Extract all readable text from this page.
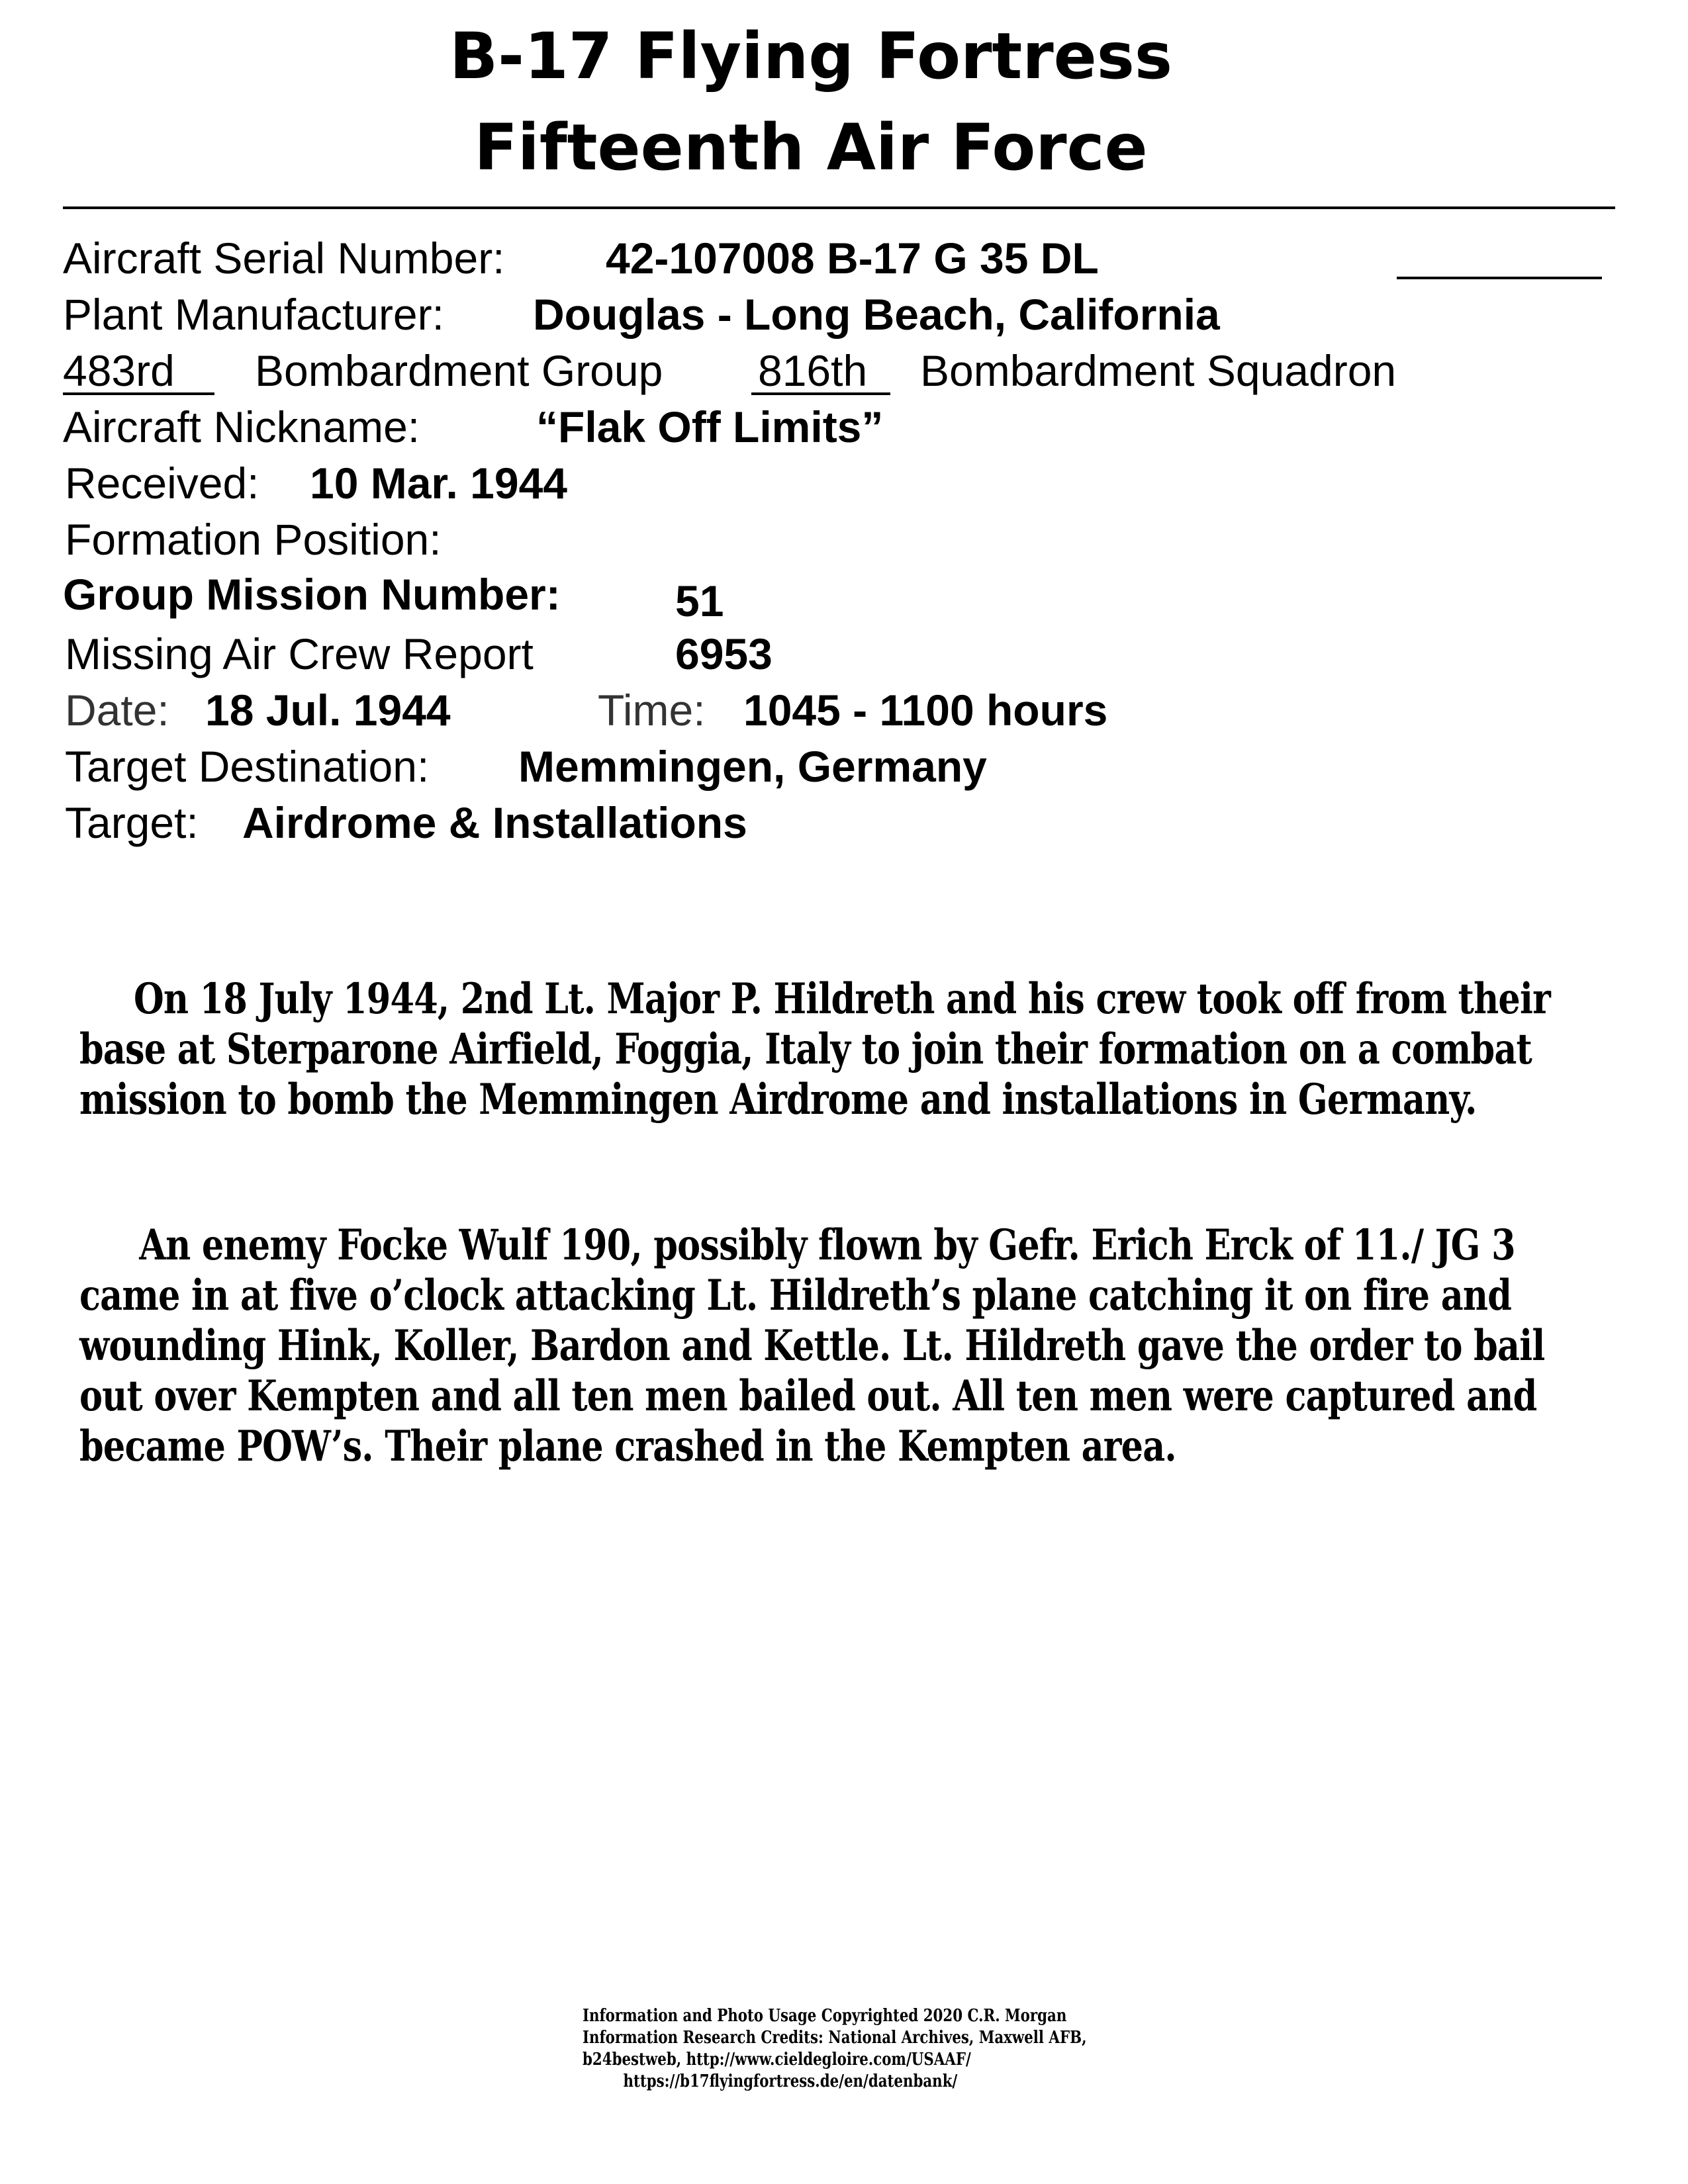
B-17 Flying Fortress
Fifteenth Air Force
Aircraft Serial Number: 42-107008 B-17 G 35 DL
Plant Manufacturer: Douglas - Long Beach, California
483rd	Bombardment Group 816th	Bombardment Squadron
Aircraft Nickname:	“Flak Off Limits”
Received: 10 Mar. 1944
Formation Position:
Group Mission Number:	51
Missing Air Crew Report	6953
Date: 18 Jul. 1944	Time: 1045 - 1100 hours
Target Destination: Memmingen, Germany
Target: Airdrome & Installations
On 18 July 1944, 2nd Lt. Major P. Hildreth and his crew took off from their base at Sterparone Airfield, Foggia, Italy to join their formation on a combat mission to bomb the Memmingen Airdrome and installations in Germany.
An enemy Focke Wulf 190, possibly flown by Gefr. Erich Erck of 11./ JG 3 came in at five o’clock attacking Lt. Hildreth’s plane catching it on fire and wounding Hink, Koller, Bardon and Kettle. Lt. Hildreth gave the order to bail out over Kempten and all ten men bailed out. All ten men were captured and became POW’s. Their plane crashed in the Kempten area.
Information and Photo Usage Copyrighted 2020 C.R. Morgan
Information Research Credits: National Archives, Maxwell AFB,
b24bestweb, http://www.cieldegloire.com/USAAF/
https://b17flyingfortress.de/en/datenbank/
